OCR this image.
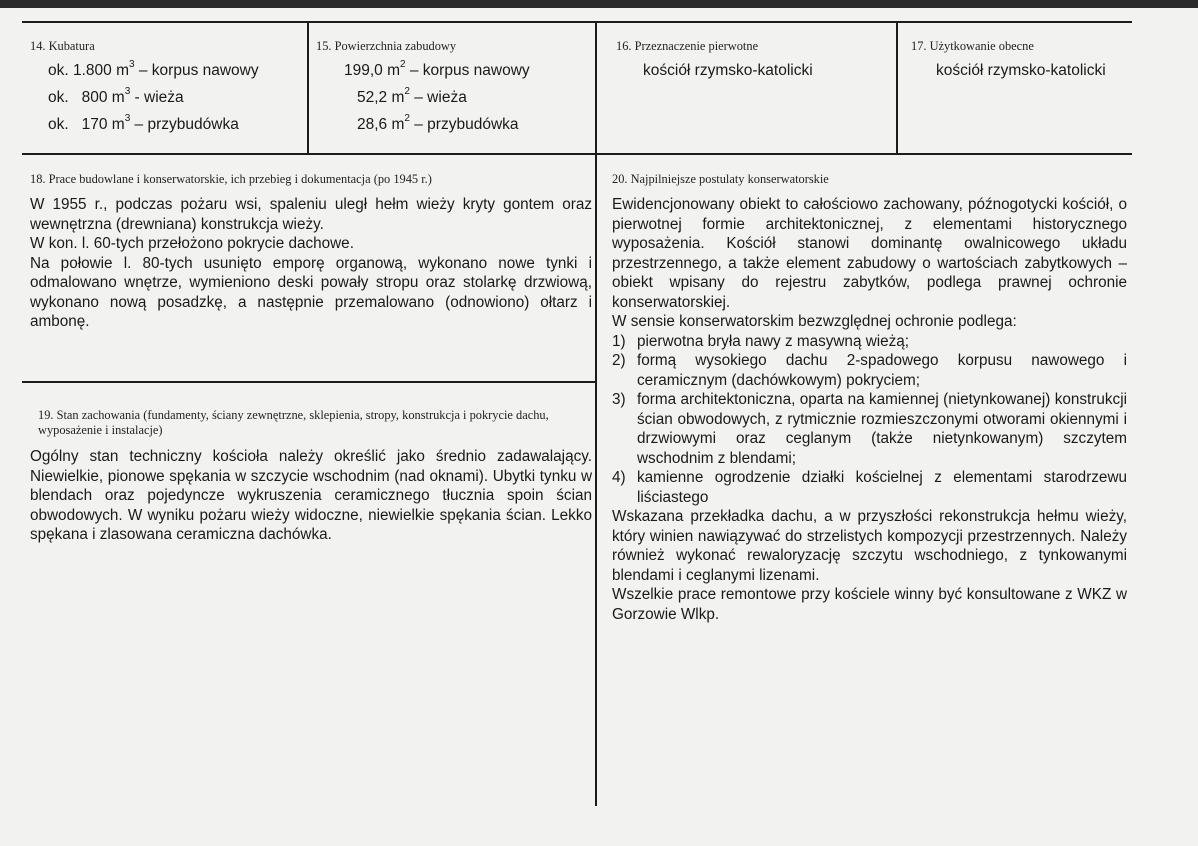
14. Kubatura
ok. 1.800 $m^3$ – korpus nawowy
ok.   800 $m^3$ - wieża
ok.   170 $m^3$ – przybudówka
15. Powierzchnia zabudowy
199,0 $m^2$ – korpus nawowy
52,2 $m^2$ – wieża
28,6 $m^2$ – przybudówka
16. Przeznaczenie pierwotne
kościół rzymsko-katolicki
17. Użytkowanie obecne
kościół rzymsko-katolicki
18. Prace budowlane i konserwatorskie, ich przebieg i dokumentacja (po 1945 r.)

W 1955 r., podczas pożaru wsi, spaleniu uległ hełm wieży kryty gontem oraz wewnętrzna (drewniana) konstrukcja wieży.

W kon. l. 60-tych przełożono pokrycie dachowe.

Na połowie l. 80-tych usunięto emporę organową, wykonano nowe tynki i odmalowano wnętrze, wymieniono deski powały stropu oraz stolarkę drzwiową, wykonano nową posadzkę, a następnie przemalowano (odnowiono) ołtarz i ambonę.

19. Stan zachowania (fundamenty, ściany zewnętrzne, sklepienia, stropy, konstrukcja i pokrycie dachu, wyposażenie i instalacje)
Ogólny stan techniczny kościoła należy określić jako średnio zadawalający. Niewielkie, pionowe spękania w szczycie wschodnim (nad oknami). Ubytki tynku w blendach oraz pojedyncze wykruszenia ceramicznego tłucznia spoin ścian obwodowych. W wyniku pożaru wieży widoczne, niewielkie spękania ścian. Lekko spękana i zlasowana ceramiczna dachówka.
20. Najpilniejsze postulaty konserwatorskie

Ewidencjonowany obiekt to całościowo zachowany, późnogotycki kościół, o pierwotnej formie architektonicznej, z elementami historycznego wyposażenia. Kościół stanowi dominantę owalnicowego układu przestrzennego, a także element zabudowy o wartościach zabytkowych – obiekt wpisany do rejestru zabytków, podlega prawnej ochronie konserwatorskiej.

W sensie konserwatorskim bezwzględnej ochronie podlega:

1) pierwotna bryła nawy z masywną wieżą;
2) formą wysokiego dachu 2-spadowego korpusu nawowego i ceramicznym (dachówkowym) pokryciem;
3) forma architektoniczna, oparta na kamiennej (nietynkowanej) konstrukcji ścian obwodowych, z rytmicznie rozmieszczonymi otworami okiennymi i drzwiowymi oraz ceglanym (także nietynkowanym) szczytem wschodnim z blendami;
4) kamienne ogrodzenie działki kościelnej z elementami starodrzewu liściastego

Wskazana przekładka dachu, a w przyszłości rekonstrukcja hełmu wieży, który winien nawiązywać do strzelistych kompozycji przestrzennych. Należy również wykonać rewaloryzację szczytu wschodniego, z tynkowanymi blendami i ceglanymi lizenami.

Wszelkie prace remontowe przy kościele winny być konsultowane z WKZ w Gorzowie Wlkp.
